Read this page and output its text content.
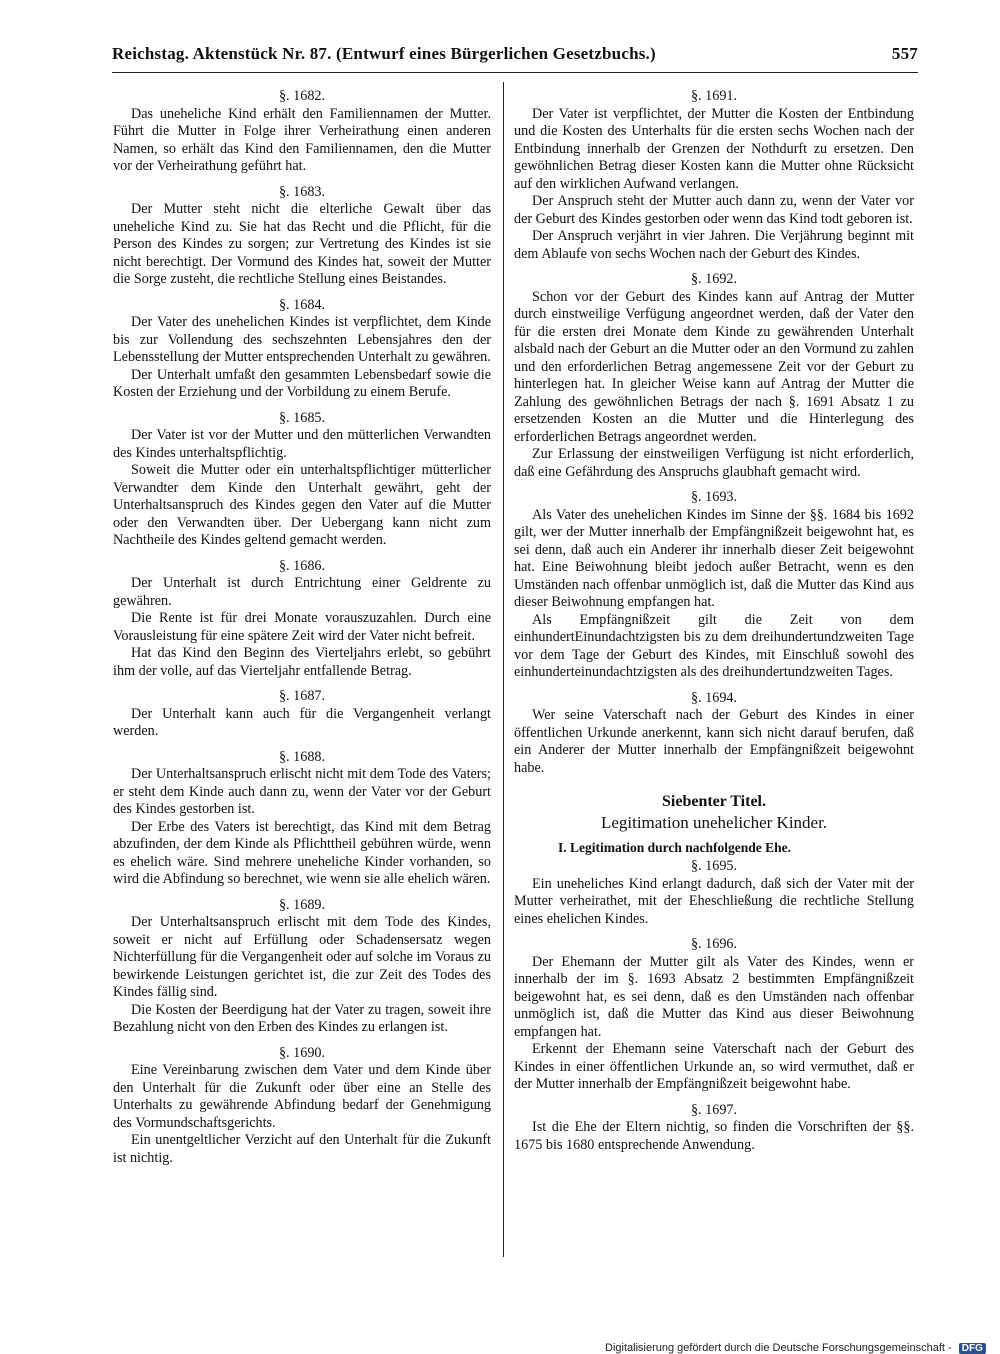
Reichstag. Aktenstück Nr. 87. (Entwurf eines Bürgerlichen Gesetzbuchs.)	557
§. 1682.

Das uneheliche Kind erhält den Familiennamen der Mutter. Führt die Mutter in Folge ihrer Verheirathung einen anderen Namen, so erhält das Kind den Familiennamen, den die Mutter vor der Verheirathung geführt hat.

§. 1683.

Der Mutter steht nicht die elterliche Gewalt über das uneheliche Kind zu. Sie hat das Recht und die Pflicht, für die Person des Kindes zu sorgen; zur Vertretung des Kindes ist sie nicht berechtigt. Der Vormund des Kindes hat, soweit der Mutter die Sorge zusteht, die rechtliche Stellung eines Beistandes.

§. 1684.

Der Vater des unehelichen Kindes ist verpflichtet, dem Kinde bis zur Vollendung des sechszehnten Lebensjahres den der Lebensstellung der Mutter entsprechenden Unterhalt zu gewähren.

Der Unterhalt umfaßt den gesammten Lebensbedarf sowie die Kosten der Erziehung und der Vorbildung zu einem Berufe.

§. 1685.

Der Vater ist vor der Mutter und den mütterlichen Verwandten des Kindes unterhaltspflichtig.

Soweit die Mutter oder ein unterhaltspflichtiger mütterlicher Verwandter dem Kinde den Unterhalt gewährt, geht der Unterhaltsanspruch des Kindes gegen den Vater auf die Mutter oder den Verwandten über. Der Uebergang kann nicht zum Nachtheile des Kindes geltend gemacht werden.

§. 1686.

Der Unterhalt ist durch Entrichtung einer Geldrente zu gewähren.

Die Rente ist für drei Monate vorauszuzahlen. Durch eine Vorausleistung für eine spätere Zeit wird der Vater nicht befreit.

Hat das Kind den Beginn des Vierteljahrs erlebt, so gebührt ihm der volle, auf das Vierteljahr entfallende Betrag.

§. 1687.

Der Unterhalt kann auch für die Vergangenheit verlangt werden.

§. 1688.

Der Unterhaltsanspruch erlischt nicht mit dem Tode des Vaters; er steht dem Kinde auch dann zu, wenn der Vater vor der Geburt des Kindes gestorben ist.

Der Erbe des Vaters ist berechtigt, das Kind mit dem Betrag abzufinden, der dem Kinde als Pflichttheil gebühren würde, wenn es ehelich wäre. Sind mehrere uneheliche Kinder vorhanden, so wird die Abfindung so berechnet, wie wenn sie alle ehelich wären.

§. 1689.

Der Unterhaltsanspruch erlischt mit dem Tode des Kindes, soweit er nicht auf Erfüllung oder Schadensersatz wegen Nichterfüllung für die Vergangenheit oder auf solche im Voraus zu bewirkende Leistungen gerichtet ist, die zur Zeit des Todes des Kindes fällig sind.

Die Kosten der Beerdigung hat der Vater zu tragen, soweit ihre Bezahlung nicht von den Erben des Kindes zu erlangen ist.

§. 1690.

Eine Vereinbarung zwischen dem Vater und dem Kinde über den Unterhalt für die Zukunft oder über eine an Stelle des Unterhalts zu gewährende Abfindung bedarf der Genehmigung des Vormundschaftsgerichts.

Ein unentgeltlicher Verzicht auf den Unterhalt für die Zukunft ist nichtig.

§. 1691.

Der Vater ist verpflichtet, der Mutter die Kosten der Entbindung und die Kosten des Unterhalts für die ersten sechs Wochen nach der Entbindung innerhalb der Grenzen der Nothdurft zu ersetzen. Den gewöhnlichen Betrag dieser Kosten kann die Mutter ohne Rücksicht auf den wirklichen Aufwand verlangen.

Der Anspruch steht der Mutter auch dann zu, wenn der Vater vor der Geburt des Kindes gestorben oder wenn das Kind todt geboren ist.

Der Anspruch verjährt in vier Jahren. Die Verjährung beginnt mit dem Ablaufe von sechs Wochen nach der Geburt des Kindes.

§. 1692.

Schon vor der Geburt des Kindes kann auf Antrag der Mutter durch einstweilige Verfügung angeordnet werden, daß der Vater den für die ersten drei Monate dem Kinde zu gewährenden Unterhalt alsbald nach der Geburt an die Mutter oder an den Vormund zu zahlen und den erforderlichen Betrag angemessene Zeit vor der Geburt zu hinterlegen hat. In gleicher Weise kann auf Antrag der Mutter die Zahlung des gewöhnlichen Betrags der nach §. 1691 Absatz 1 zu ersetzenden Kosten an die Mutter und die Hinterlegung des erforderlichen Betrags angeordnet werden.

Zur Erlassung der einstweiligen Verfügung ist nicht erforderlich, daß eine Gefährdung des Anspruchs glaubhaft gemacht wird.

§. 1693.

Als Vater des unehelichen Kindes im Sinne der §§. 1684 bis 1692 gilt, wer der Mutter innerhalb der Empfängnißzeit beigewohnt hat, es sei denn, daß auch ein Anderer ihr innerhalb dieser Zeit beigewohnt hat. Eine Beiwohnung bleibt jedoch außer Betracht, wenn es den Umständen nach offenbar unmöglich ist, daß die Mutter das Kind aus dieser Beiwohnung empfangen hat.

Als Empfängnißzeit gilt die Zeit von dem einhundertEinundachtzigsten bis zu dem dreihundertundzweiten Tage vor dem Tage der Geburt des Kindes, mit Einschluß sowohl des einhunderteinundachtzigsten als des dreihundertundzweiten Tages.

§. 1694.

Wer seine Vaterschaft nach der Geburt des Kindes in einer öffentlichen Urkunde anerkennt, kann sich nicht darauf berufen, daß ein Anderer der Mutter innerhalb der Empfängnißzeit beigewohnt habe.

Siebenter Titel.
Legitimation unehelicher Kinder.
I. Legitimation durch nachfolgende Ehe.
§. 1695.

Ein uneheliches Kind erlangt dadurch, daß sich der Vater mit der Mutter verheirathet, mit der Eheschließung die rechtliche Stellung eines ehelichen Kindes.

§. 1696.

Der Ehemann der Mutter gilt als Vater des Kindes, wenn er innerhalb der im §. 1693 Absatz 2 bestimmten Empfängnißzeit beigewohnt hat, es sei denn, daß es den Umständen nach offenbar unmöglich ist, daß die Mutter das Kind aus dieser Beiwohnung empfangen hat.

Erkennt der Ehemann seine Vaterschaft nach der Geburt des Kindes in einer öffentlichen Urkunde an, so wird vermuthet, daß er der Mutter innerhalb der Empfängnißzeit beigewohnt habe.

§. 1697.

Ist die Ehe der Eltern nichtig, so finden die Vorschriften der §§. 1675 bis 1680 entsprechende Anwendung.

Digitalisierung gefördert durch die Deutsche Forschungsgemeinschaft - DFG
